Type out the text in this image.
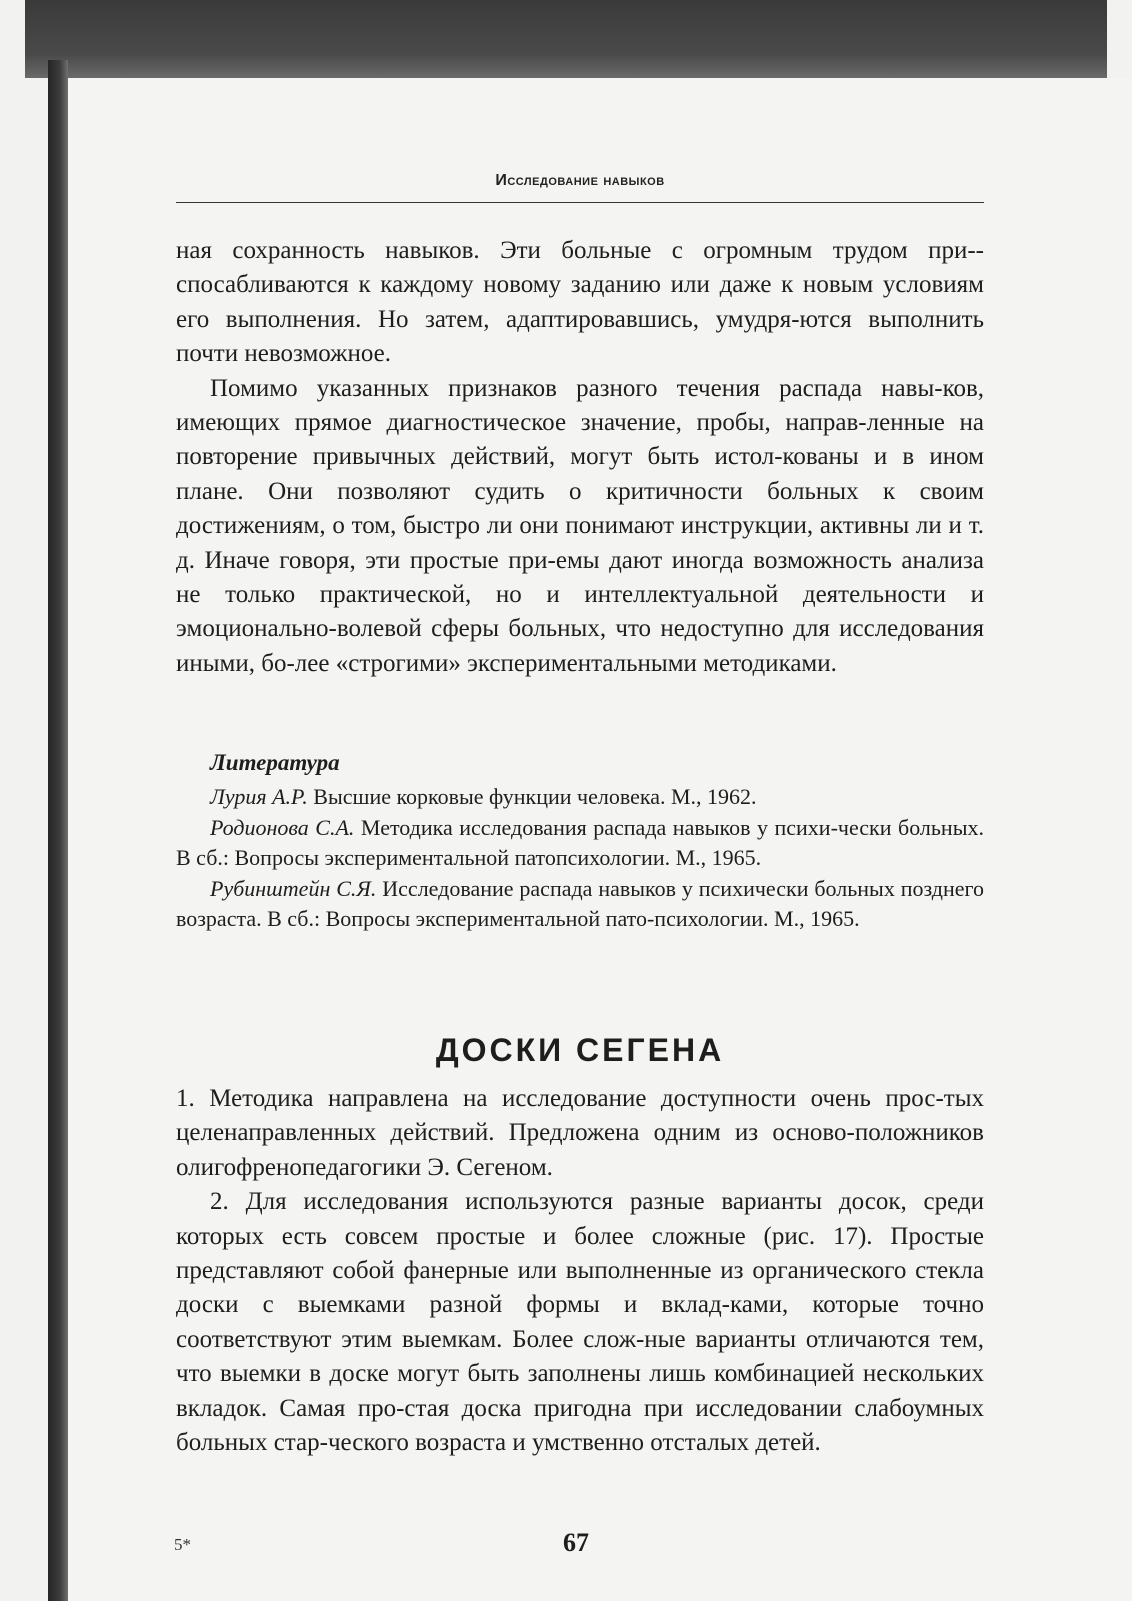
Исследование навыков

ная сохранность навыков. Эти больные с огромным трудом при-спосабливаются к каждому новому заданию или даже к новым условиям его выполнения. Но затем, адаптировавшись, умудря-ются выполнить почти невозможное.

Помимо указанных признаков разного течения распада навы-ков, имеющих прямое диагностическое значение, пробы, направ-ленные на повторение привычных действий, могут быть истол-кованы и в ином плане. Они позволяют судить о критичности больных к своим достижениям, о том, быстро ли они понимают инструкции, активны ли и т. д. Иначе говоря, эти простые при-емы дают иногда возможность анализа не только практической, но и интеллектуальной деятельности и эмоционально-волевой сферы больных, что недоступно для исследования иными, бо-лее «строгими» экспериментальными методиками.

Литература

Лурия А.Р. Высшие корковые функции человека. М., 1962.

Родионова С.А. Методика исследования распада навыков у психи-чески больных. В сб.: Вопросы экспериментальной патопсихологии. М., 1965.

Рубинштейн С.Я. Исследование распада навыков у психически больных позднего возраста. В сб.: Вопросы экспериментальной пато-психологии. М., 1965.

ДОСКИ СЕГЕНА

1. Методика направлена на исследование доступности очень прос-тых целенаправленных действий. Предложена одним из осново-положников олигофренопедагогики Э. Сегеном.

2. Для исследования используются разные варианты досок, среди которых есть совсем простые и более сложные (рис. 17). Простые представляют собой фанерные или выполненные из органического стекла доски с выемками разной формы и вклад-ками, которые точно соответствуют этим выемкам. Более слож-ные варианты отличаются тем, что выемки в доске могут быть заполнены лишь комбинацией нескольких вкладок. Самая про-стая доска пригодна при исследовании слабоумных больных стар-ческого возраста и умственно отсталых детей.

5*	67
